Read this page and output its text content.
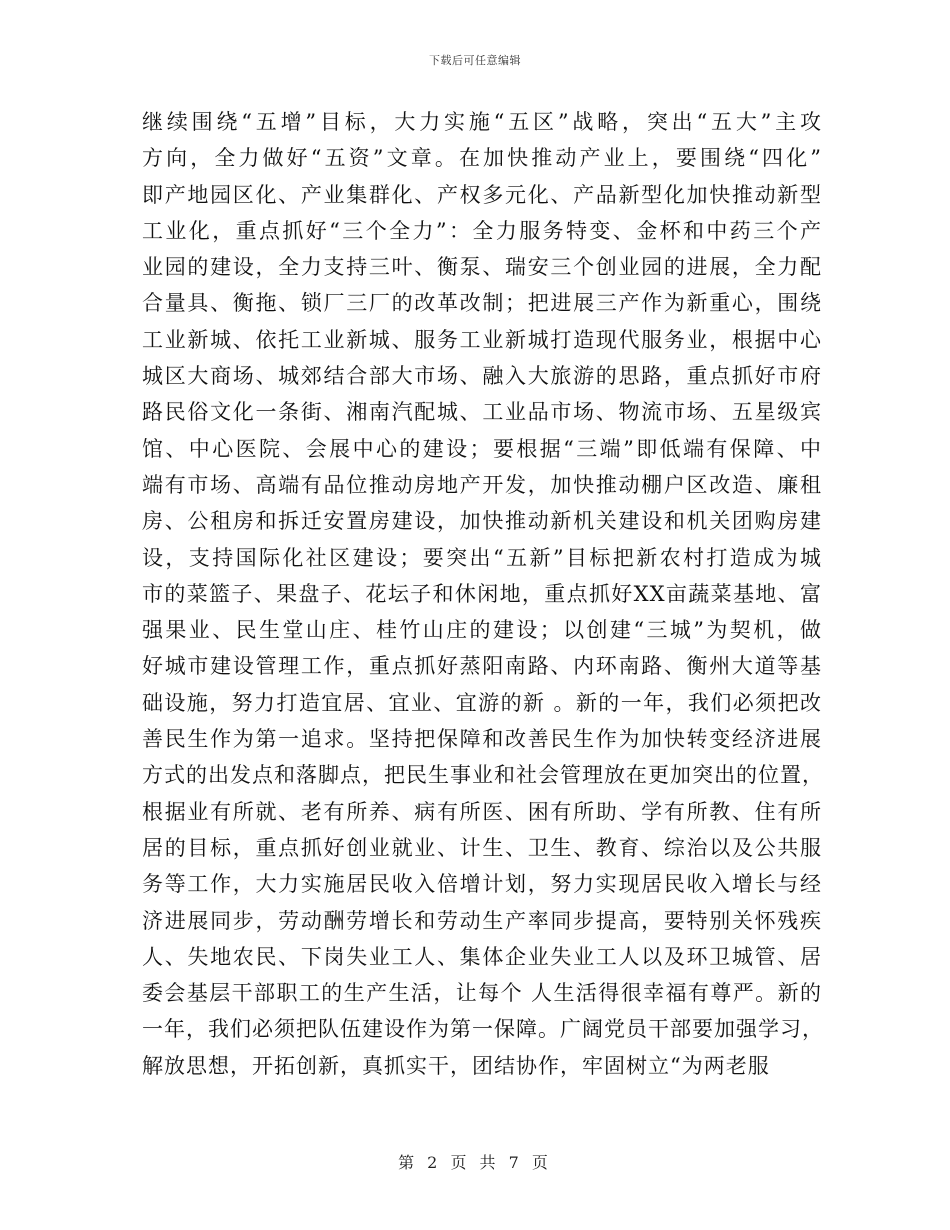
下载后可任意编辑
继续围绕“五增”目标，大力实施“五区”战略，突出“五大”主攻
方向，全力做好“五资”文章。在加快推动产业上，要围绕“四化”
即产地园区化、产业集群化、产权多元化、产品新型化加快推动新型
工业化，重点抓好“三个全力”：全力服务特变、金杯和中药三个产
业园的建设，全力支持三叶、衡泵、瑞安三个创业园的进展，全力配
合量具、衡拖、锁厂三厂的改革改制；把进展三产作为新重心，围绕
工业新城、依托工业新城、服务工业新城打造现代服务业，根据中心
城区大商场、城郊结合部大市场、融入大旅游的思路，重点抓好市府
路民俗文化一条街、湘南汽配城、工业品市场、物流市场、五星级宾
馆、中心医院、会展中心的建设；要根据“三端”即低端有保障、中
端有市场、高端有品位推动房地产开发，加快推动棚户区改造、廉租
房、公租房和拆迁安置房建设，加快推动新机关建设和机关团购房建
设，支持国际化社区建设；要突出“五新”目标把新农村打造成为城
市的菜篮子、果盘子、花坛子和休闲地，重点抓好XX亩蔬菜基地、富
强果业、民生堂山庄、桂竹山庄的建设；以创建“三城”为契机，做
好城市建设管理工作，重点抓好蒸阳南路、内环南路、衡州大道等基
础设施，努力打造宜居、宜业、宜游的新 。新的一年，我们必须把改
善民生作为第一追求。坚持把保障和改善民生作为加快转变经济进展
方式的出发点和落脚点，把民生事业和社会管理放在更加突出的位置，
根据业有所就、老有所养、病有所医、困有所助、学有所教、住有所
居的目标，重点抓好创业就业、计生、卫生、教育、综治以及公共服
务等工作，大力实施居民收入倍增计划，努力实现居民收入增长与经
济进展同步，劳动酬劳增长和劳动生产率同步提高，要特别关怀残疾
人、失地农民、下岗失业工人、集体企业失业工人以及环卫城管、居
委会基层干部职工的生产生活，让每个 人生活得很幸福有尊严。新的
一年，我们必须把队伍建设作为第一保障。广阔党员干部要加强学习，
解放思想，开拓创新，真抓实干，团结协作，牢固树立“为两老服
第 2 页 共 7 页
